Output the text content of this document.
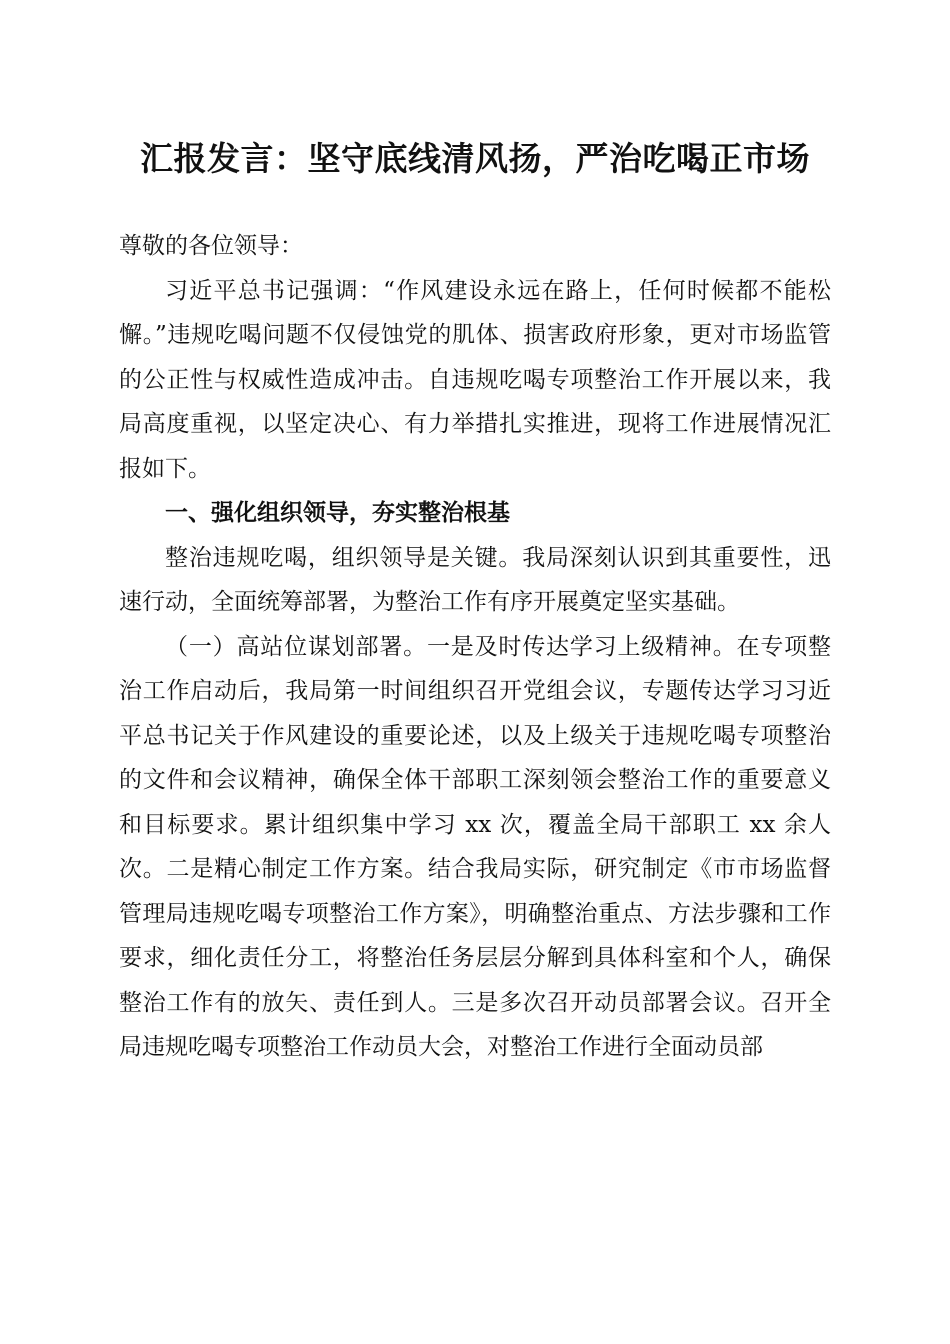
汇报发言：坚守底线清风扬，严治吃喝正市场

尊敬的各位领导：

习近平总书记强调：“作风建设永远在路上，任何时候都不能松懈。”违规吃喝问题不仅侵蚀党的肌体、损害政府形象，更对市场监管的公正性与权威性造成冲击。自违规吃喝专项整治工作开展以来，我局高度重视，以坚定决心、有力举措扎实推进，现将工作进展情况汇报如下。

一、强化组织领导，夯实整治根基

整治违规吃喝，组织领导是关键。我局深刻认识到其重要性，迅速行动，全面统筹部署，为整治工作有序开展奠定坚实基础。

（一）高站位谋划部署。一是及时传达学习上级精神。在专项整治工作启动后，我局第一时间组织召开党组会议，专题传达学习习近平总书记关于作风建设的重要论述，以及上级关于违规吃喝专项整治的文件和会议精神，确保全体干部职工深刻领会整治工作的重要意义和目标要求。累计组织集中学习 xx 次，覆盖全局干部职工 xx 余人次。二是精心制定工作方案。结合我局实际，研究制定《市市场监督管理局违规吃喝专项整治工作方案》，明确整治重点、方法步骤和工作要求，细化责任分工，将整治任务层层分解到具体科室和个人，确保整治工作有的放矢、责任到人。三是多次召开动员部署会议。召开全局违规吃喝专项整治工作动员大会，对整治工作进行全面动员部
